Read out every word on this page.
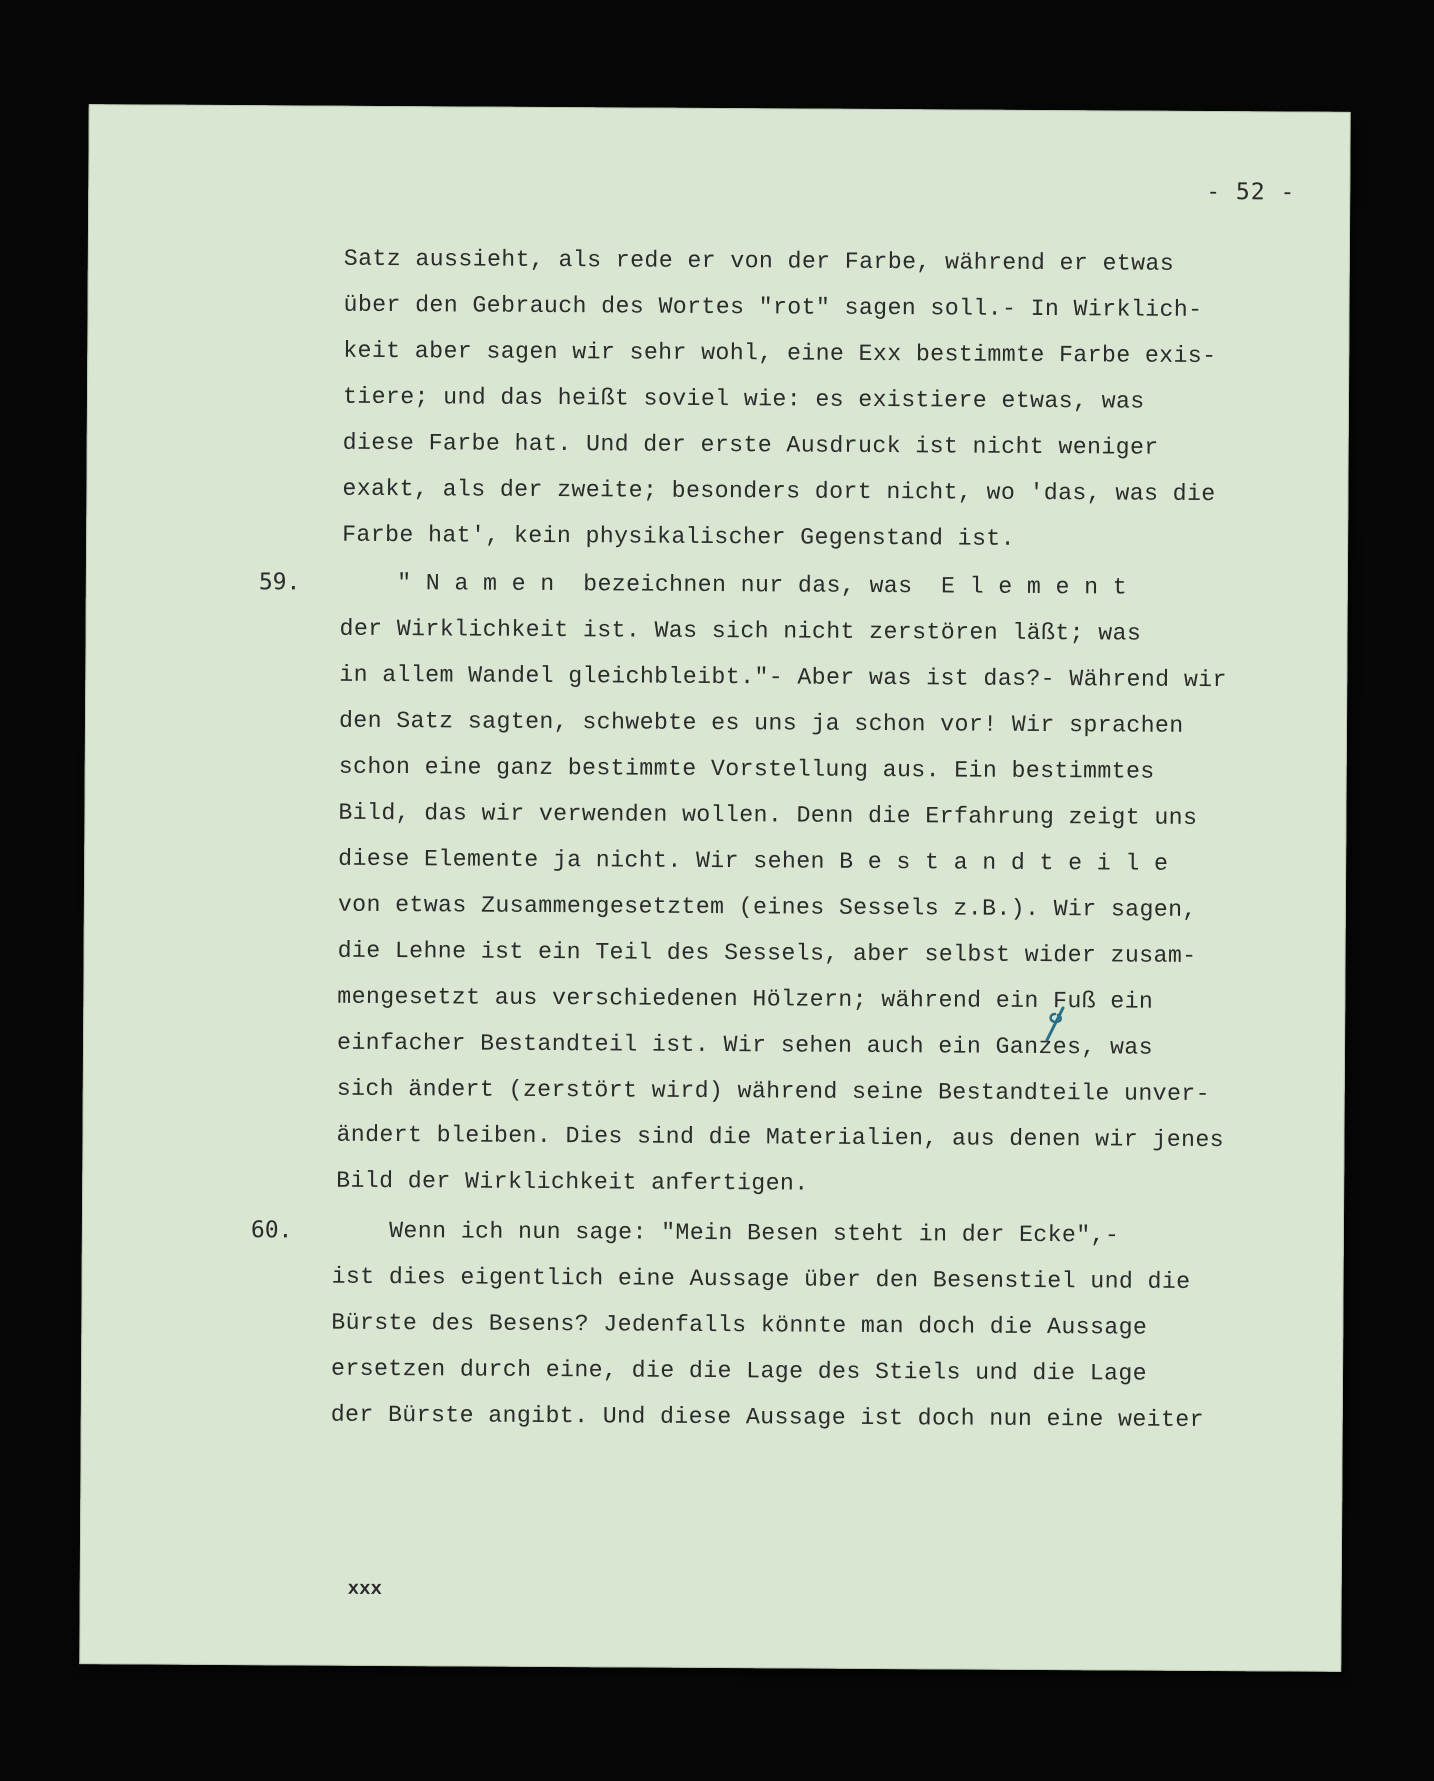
- 52 -
Satz aussieht, als rede er von der Farbe, während er etwas
über den Gebrauch des Wortes "rot" sagen soll.- In Wirklich-
keit aber sagen wir sehr wohl, eine Exx bestimmte Farbe exis-
tiere; und das heißt soviel wie: es existiere etwas, was
diese Farbe hat. Und der erste Ausdruck ist nicht weniger
exakt, als der zweite; besonders dort nicht, wo 'das, was die
Farbe hat', kein physikalischer Gegenstand ist.
59. " N a m e n  bezeichnen nur das, was  E l e m e n t
der Wirklichkeit ist. Was sich nicht zerstören läßt; was
in allem Wandel gleichbleibt."- Aber was ist das?- Während wir
den Satz sagten, schwebte es uns ja schon vor! Wir sprachen
schon eine ganz bestimmte Vorstellung aus. Ein bestimmtes
Bild, das wir verwenden wollen. Denn die Erfahrung zeigt uns
diese Elemente ja nicht. Wir sehen B e s t a n d t e i l e
von etwas Zusammengesetztem (eines Sessels z.B.). Wir sagen,
die Lehne ist ein Teil des Sessels, aber selbst wider zusam-
mengesetzt aus verschiedenen Hölzern; während ein Fuß ein
einfacher Bestandteil ist. Wir sehen auch ein Ganzes, was
sich ändert (zerstört wird) während seine Bestandteile unver-
ändert bleiben. Dies sind die Materialien, aus denen wir jenes
Bild der Wirklichkeit anfertigen.
60. Wenn ich nun sage: "Mein Besen steht in der Ecke",-
ist dies eigentlich eine Aussage über den Besenstiel und die
Bürste des Besens? Jedenfalls könnte man doch die Aussage
ersetzen durch eine, die die Lage des Stiels und die Lage
der Bürste angibt. Und diese Aussage ist doch nun eine weiter
xxx
